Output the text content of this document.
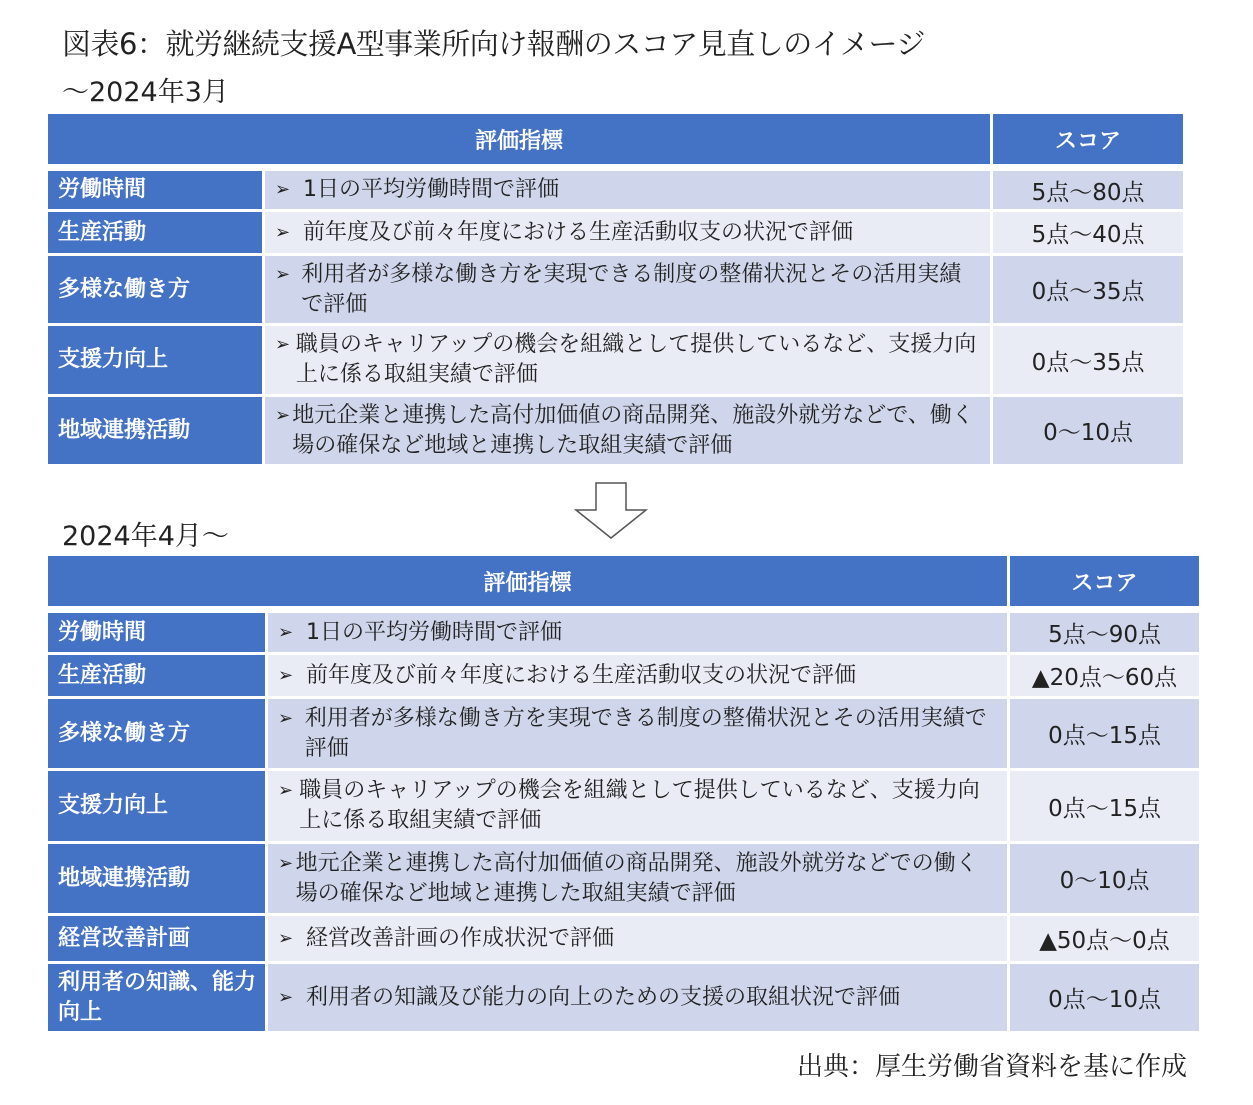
図表6：就労継続支援A型事業所向け報酬のスコア見直しのイメージ
～2024年3月
評価指標		スコア
労働時間	➢ 1日の平均労働時間で評価	5点～80点
生産活動	➢ 前年度及び前々年度における生産活動収支の状況で評価	5点～40点
多様な働き方	➢ 利用者が多様な働き方を実現できる制度の整備状況とその活用実績で評価	0点～35点
支援力向上	➢ 職員のキャリアップの機会を組織として提供しているなど、支援力向上に係る取組実績で評価	0点～35点
地域連携活動	➢ 地元企業と連携した高付加価値の商品開発、施設外就労などで、働く場の確保など地域と連携した取組実績で評価	0～10点
2024年4月～
評価指標		スコア
労働時間	➢ 1日の平均労働時間で評価	5点～90点
生産活動	➢ 前年度及び前々年度における生産活動収支の状況で評価	▲20点～60点
多様な働き方	➢ 利用者が多様な働き方を実現できる制度の整備状況とその活用実績で評価	0点～15点
支援力向上	➢ 職員のキャリアップの機会を組織として提供しているなど、支援力向上に係る取組実績で評価	0点～15点
地域連携活動	➢ 地元企業と連携した高付加価値の商品開発、施設外就労などでの働く場の確保など地域と連携した取組実績で評価	0～10点
経営改善計画	➢ 経営改善計画の作成状況で評価	▲50点～0点
利用者の知識、能力向上	➢ 利用者の知識及び能力の向上のための支援の取組状況で評価	0点～10点
出典：厚生労働省資料を基に作成
